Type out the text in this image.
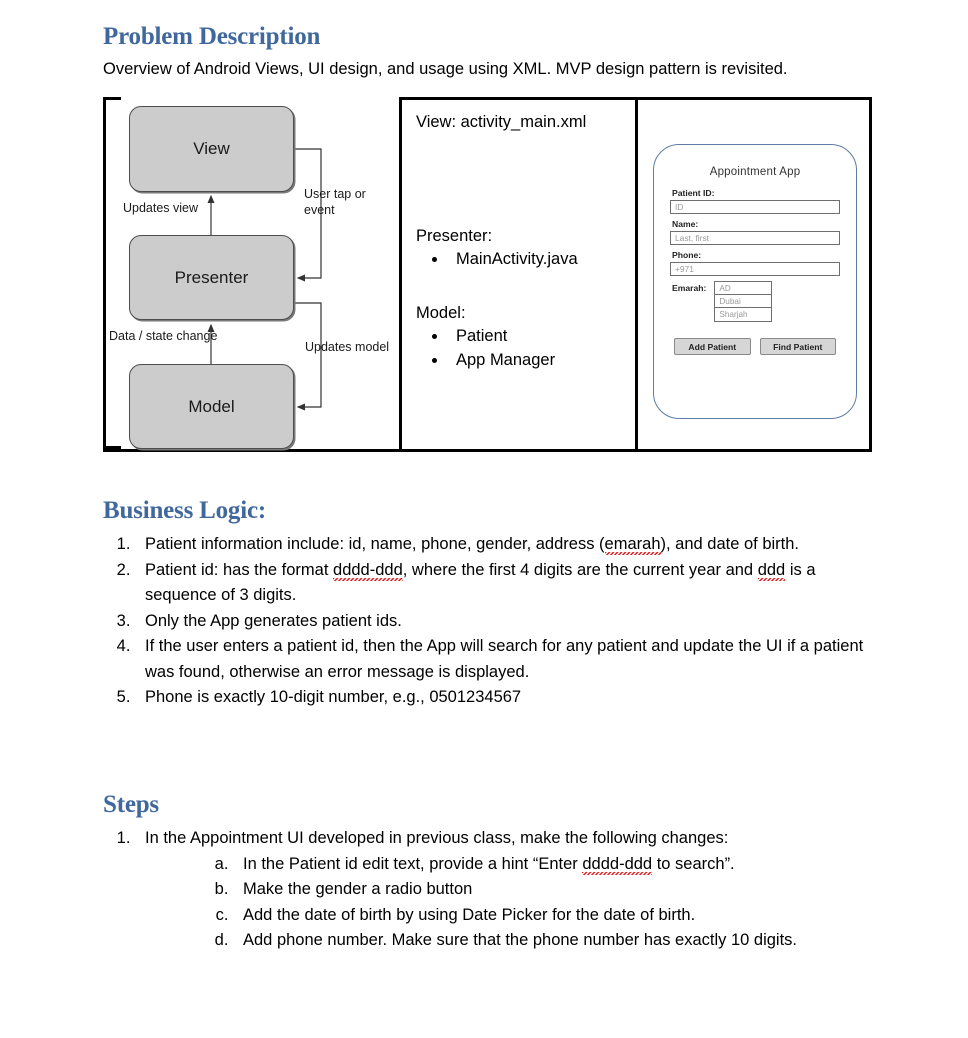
Problem Description
Overview of Android Views, UI design, and usage using XML. MVP design pattern is revisited.
View
Presenter
Model
Updates view
Data / state change
User tap or
event
Updates model
View: activity_main.xml
Presenter:
• MainActivity.java
Model:
• Patient
• App Manager
Appointment App
Patient ID:
ID
Name:
Last, first
Phone:
+971
Emarah:	AD
Dubai
Sharjah
Add Patient	Find Patient
Business Logic:
1. Patient information include: id, name, phone, gender, address (emarah), and date of birth.
2. Patient id: has the format dddd-ddd, where the first 4 digits are the current year and ddd is a sequence of 3 digits.
3. Only the App generates patient ids.
4. If the user enters a patient id, then the App will search for any patient and update the UI if a patient was found, otherwise an error message is displayed.
5. Phone is exactly 10-digit number, e.g., 0501234567
Steps
1. In the Appointment UI developed in previous class, make the following changes:
a. In the Patient id edit text, provide a hint “Enter dddd-ddd to search”.
b. Make the gender a radio button
c. Add the date of birth by using Date Picker for the date of birth.
d. Add phone number. Make sure that the phone number has exactly 10 digits.
